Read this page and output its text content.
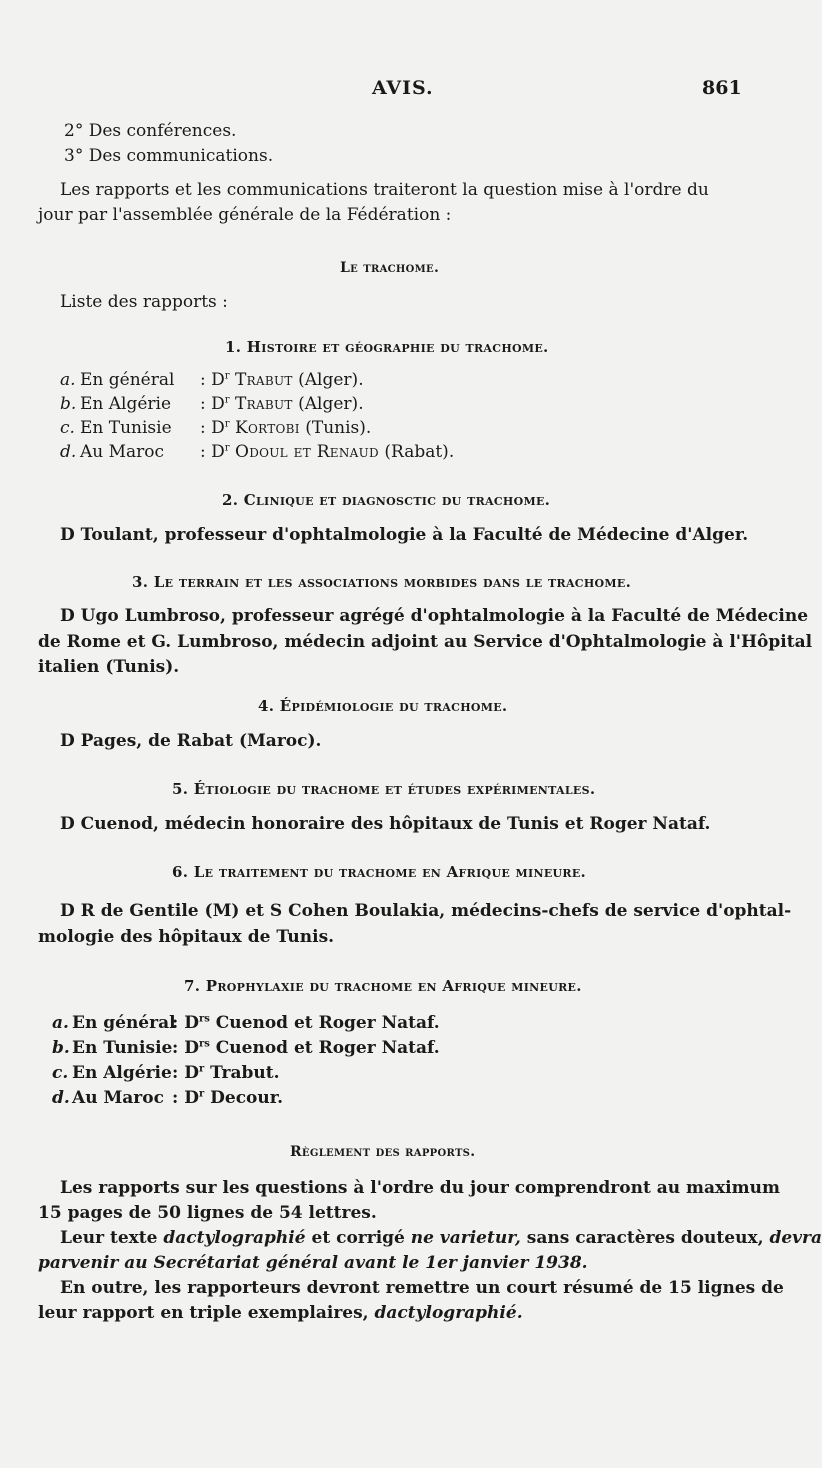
AVIS.	861
2° Des conférences.
3° Des communications.
Les rapports et les communications traiteront la question mise à l'ordre du
jour par l'assemblée générale de la Fédération :
Le trachome.
Liste des rapports :
1. Histoire et géographie du trachome.
a. En général : $D^r$ Trabut (Alger).
b. En Algérie : $D^r$ Trabut (Alger).
c. En Tunisie : $D^r$ Kortobi (Tunis).
d. Au Maroc : $D^r$ Odoul et Renaud (Rabat).
2. Clinique et diagnosctic du trachome.
D Toulant, professeur d'ophtalmologie à la Faculté de Médecine d'Alger.
3. Le terrain et les associations morbides dans le trachome.
D Ugo Lumbroso, professeur agrégé d'ophtalmologie à la Faculté de Médecine
de Rome et G. Lumbroso, médecin adjoint au Service d'Ophtalmologie à l'Hôpital
italien (Tunis).
4. Épidémiologie du trachome.
D Pages, de Rabat (Maroc).
5. Étiologie du trachome et études expérimentales.
D Cuenod, médecin honoraire des hôpitaux de Tunis et Roger Nataf.
6. Le traitement du trachome en Afrique mineure.
D R de Gentile (M) et S Cohen Boulakia, médecins-chefs de service d'ophtal-
mologie des hôpitaux de Tunis.
7. Prophylaxie du trachome en Afrique mineure.
a. En général: $D^{rs}$ Cuenod et Roger Nataf.
b. En Tunisie: $D^{rs}$ Cuenod et Roger Nataf.
c. En Algérie: $D^r$ Trabut.
d. Au Maroc : $D^r$ Decour.
Règlement des rapports.
Les rapports sur les questions à l'ordre du jour comprendront au maximum
15 pages de 50 lignes de 54 lettres.
Leur texte dactylographié et corrigé ne varietur, sans caractères douteux, devra
parvenir au Secrétariat général avant le 1er janvier 1938.
En outre, les rapporteurs devront remettre un court résumé de 15 lignes de
leur rapport en triple exemplaires, dactylographié.
